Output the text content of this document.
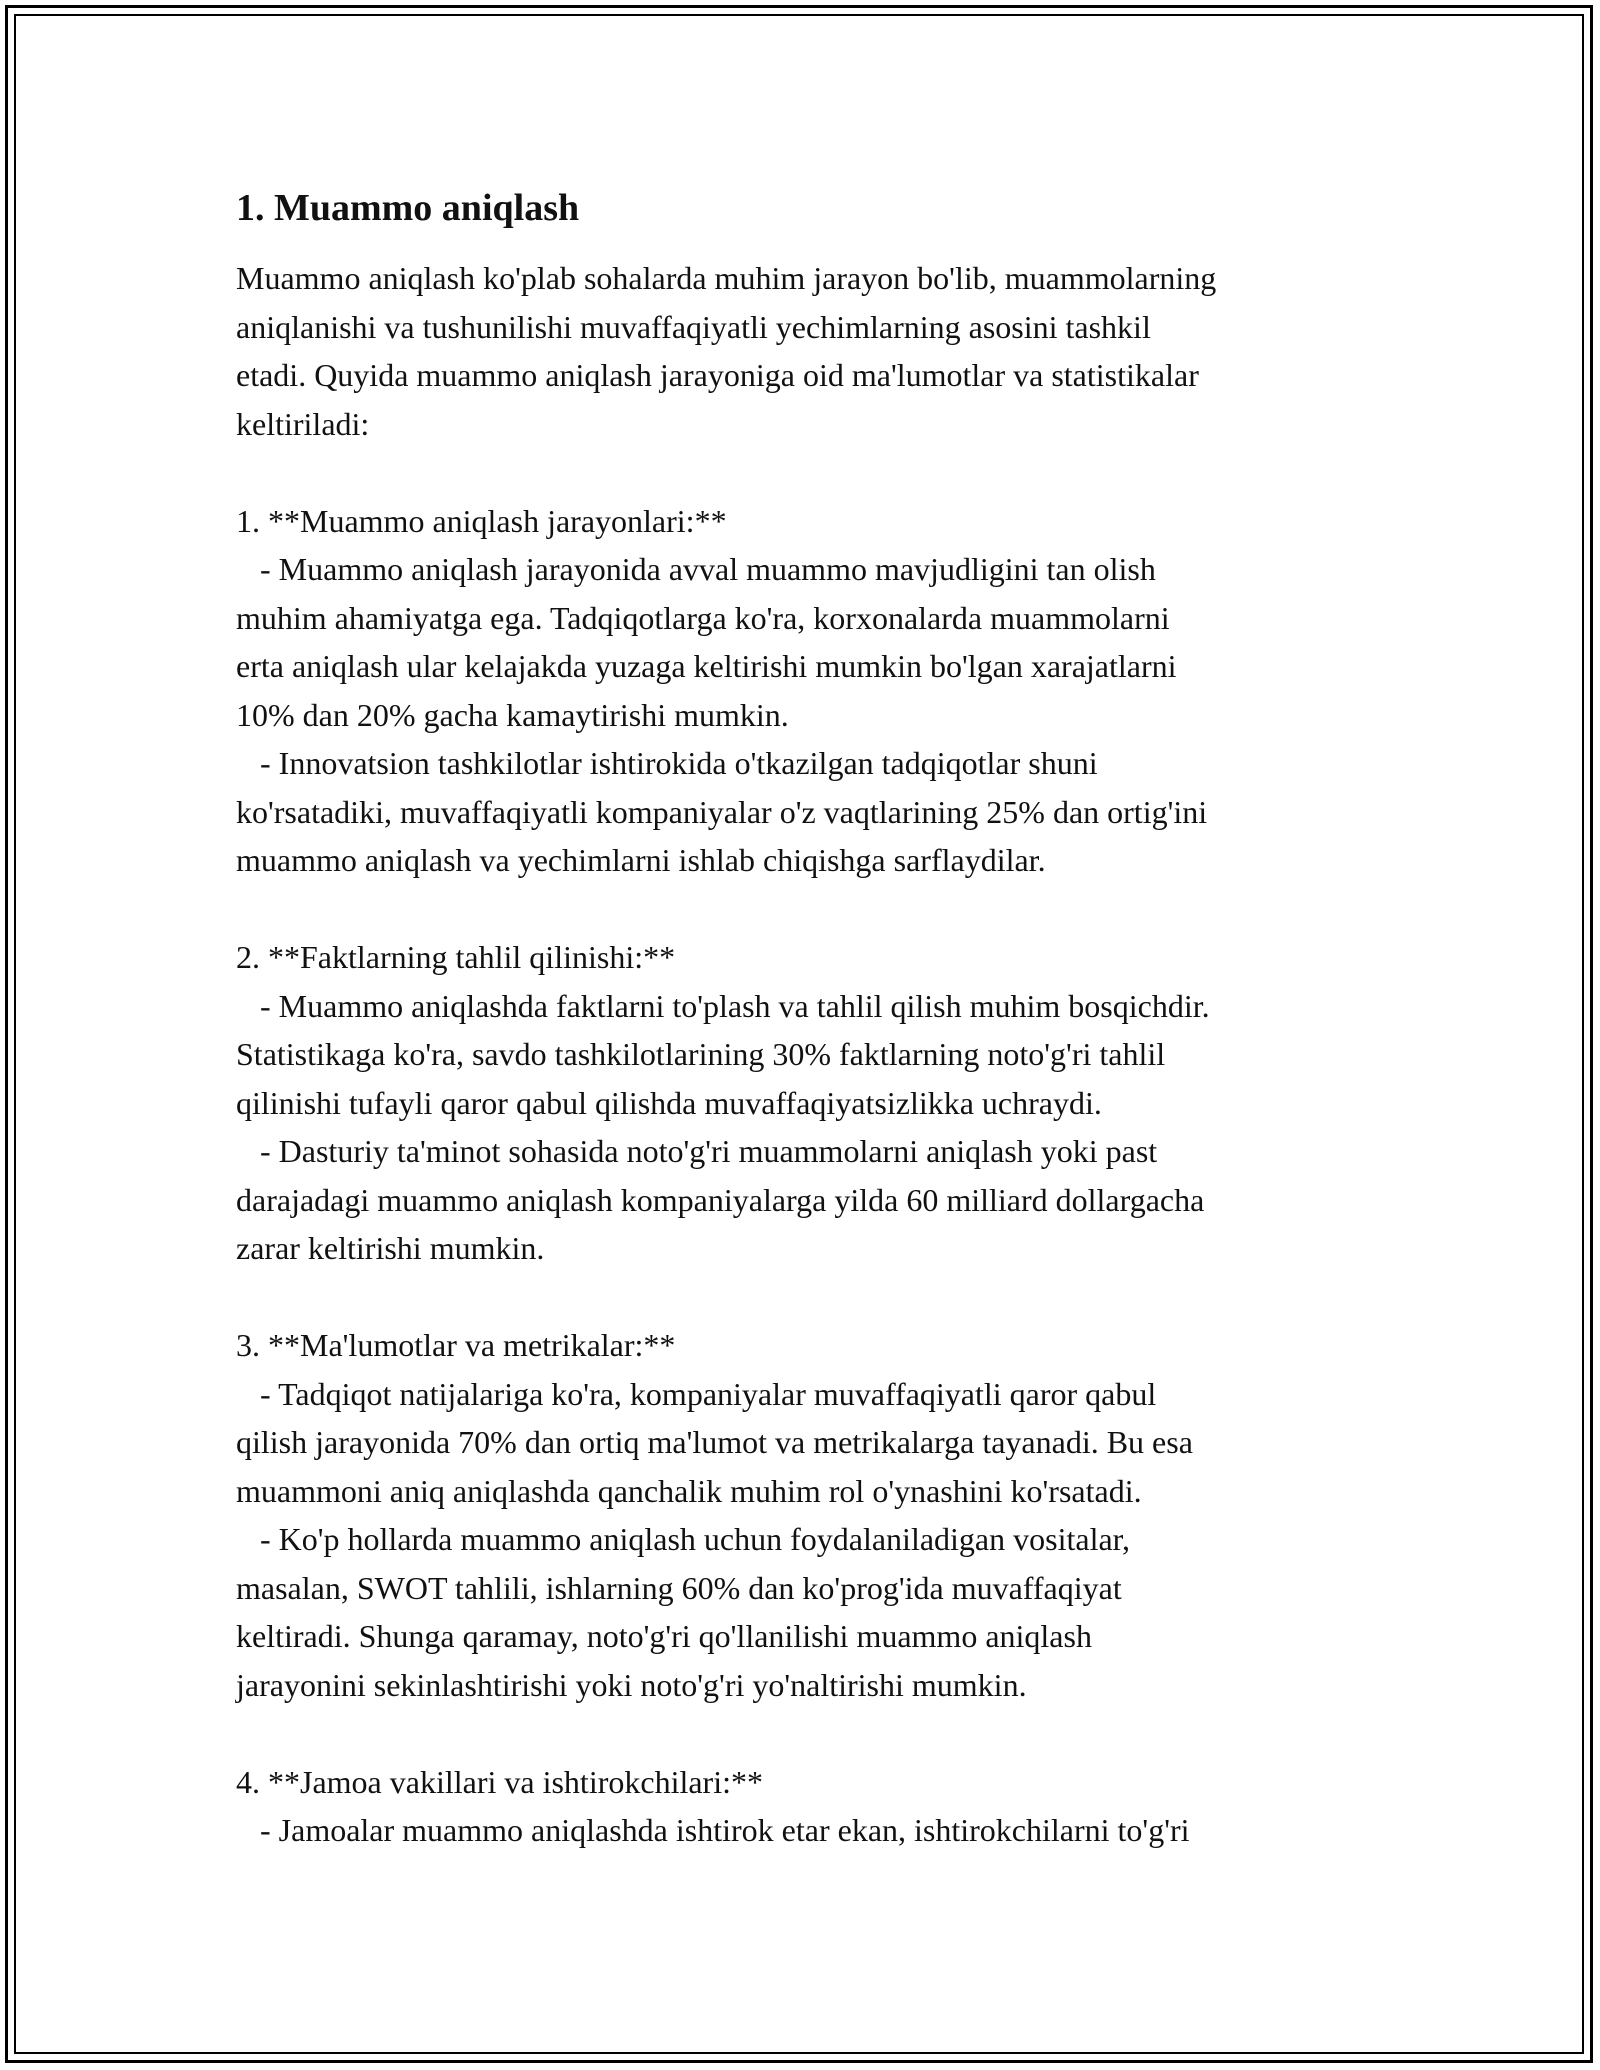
1. Muammo aniqlash

Muammo aniqlash ko'plab sohalarda muhim jarayon bo'lib, muammolarning
aniqlanishi va tushunilishi muvaffaqiyatli yechimlarning asosini tashkil
etadi. Quyida muammo aniqlash jarayoniga oid ma'lumotlar va statistikalar
keltiriladi:

1. **Muammo aniqlash jarayonlari:**
- Muammo aniqlash jarayonida avval muammo mavjudligini tan olish
muhim ahamiyatga ega. Tadqiqotlarga ko'ra, korxonalarda muammolarni
erta aniqlash ular kelajakda yuzaga keltirishi mumkin bo'lgan xarajatlarni
10% dan 20% gacha kamaytirishi mumkin.
- Innovatsion tashkilotlar ishtirokida o'tkazilgan tadqiqotlar shuni
ko'rsatadiki, muvaffaqiyatli kompaniyalar o'z vaqtlarining 25% dan ortig'ini
muammo aniqlash va yechimlarni ishlab chiqishga sarflaydilar.

2. **Faktlarning tahlil qilinishi:**
- Muammo aniqlashda faktlarni to'plash va tahlil qilish muhim bosqichdir.
Statistikaga ko'ra, savdo tashkilotlarining 30% faktlarning noto'g'ri tahlil
qilinishi tufayli qaror qabul qilishda muvaffaqiyatsizlikka uchraydi.
- Dasturiy ta'minot sohasida noto'g'ri muammolarni aniqlash yoki past
darajadagi muammo aniqlash kompaniyalarga yilda 60 milliard dollargacha
zarar keltirishi mumkin.

3. **Ma'lumotlar va metrikalar:**
- Tadqiqot natijalariga ko'ra, kompaniyalar muvaffaqiyatli qaror qabul
qilish jarayonida 70% dan ortiq ma'lumot va metrikalarga tayanadi. Bu esa
muammoni aniq aniqlashda qanchalik muhim rol o'ynashini ko'rsatadi.
- Ko'p hollarda muammo aniqlash uchun foydalaniladigan vositalar,
masalan, SWOT tahlili, ishlarning 60% dan ko'prog'ida muvaffaqiyat
keltiradi. Shunga qaramay, noto'g'ri qo'llanilishi muammo aniqlash
jarayonini sekinlashtirishi yoki noto'g'ri yo'naltirishi mumkin.

4. **Jamoa vakillari va ishtirokchilari:**
- Jamoalar muammo aniqlashda ishtirok etar ekan, ishtirokchilarni to'g'ri
